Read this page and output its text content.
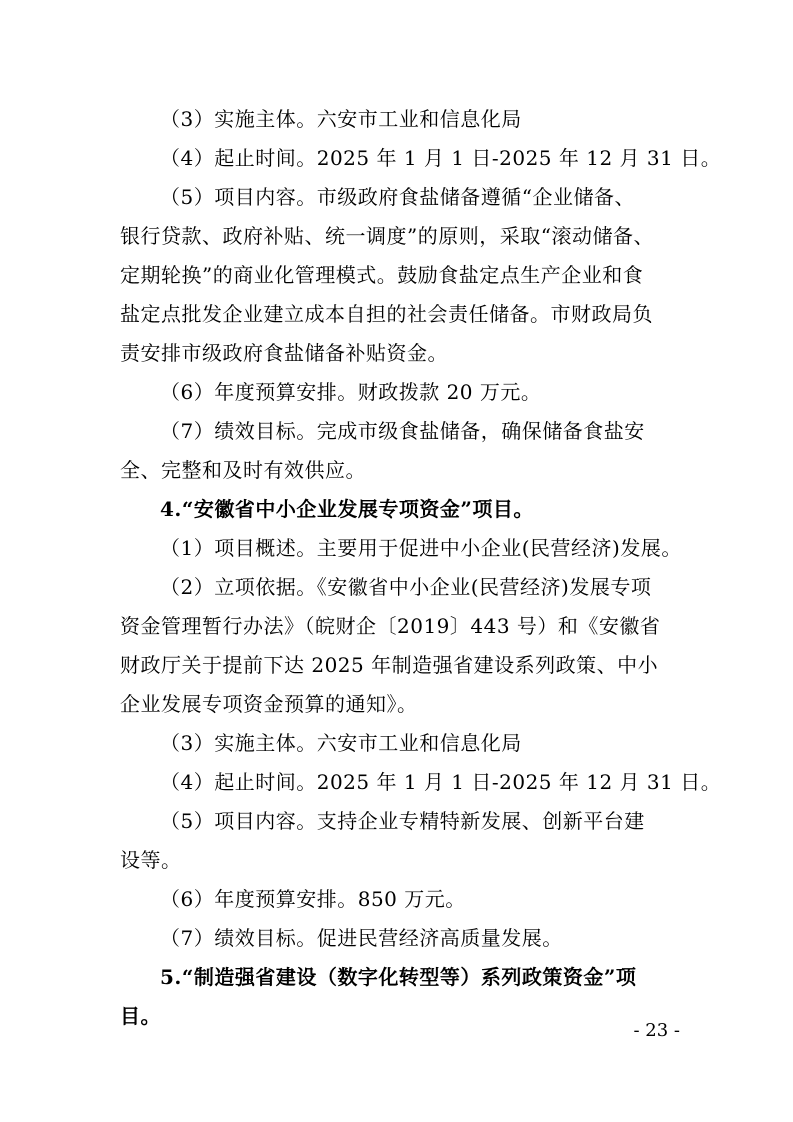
（3）实施主体。六安市工业和信息化局
（4）起止时间。2025 年 1 月 1 日-2025 年 12 月 31 日。
（5）项目内容。市级政府食盐储备遵循“企业储备、
银行贷款、政府补贴、统一调度”的原则，采取“滚动储备、
定期轮换”的商业化管理模式。鼓励食盐定点生产企业和食
盐定点批发企业建立成本自担的社会责任储备。市财政局负
责安排市级政府食盐储备补贴资金。
（6）年度预算安排。财政拨款 20 万元。
（7）绩效目标。完成市级食盐储备，确保储备食盐安
全、完整和及时有效供应。
4.“安徽省中小企业发展专项资金”项目。
（1）项目概述。主要用于促进中小企业(民营经济)发展。
（2）立项依据。《安徽省中小企业(民营经济)发展专项
资金管理暂行办法》（皖财企〔2019〕443 号）和《安徽省
财政厅关于提前下达 2025 年制造强省建设系列政策、中小
企业发展专项资金预算的通知》。
（3）实施主体。六安市工业和信息化局
（4）起止时间。2025 年 1 月 1 日-2025 年 12 月 31 日。
（5）项目内容。支持企业专精特新发展、创新平台建
设等。
（6）年度预算安排。850 万元。
（7）绩效目标。促进民营经济高质量发展。
5.“制造强省建设（数字化转型等）系列政策资金”项
目。
- 23 -
